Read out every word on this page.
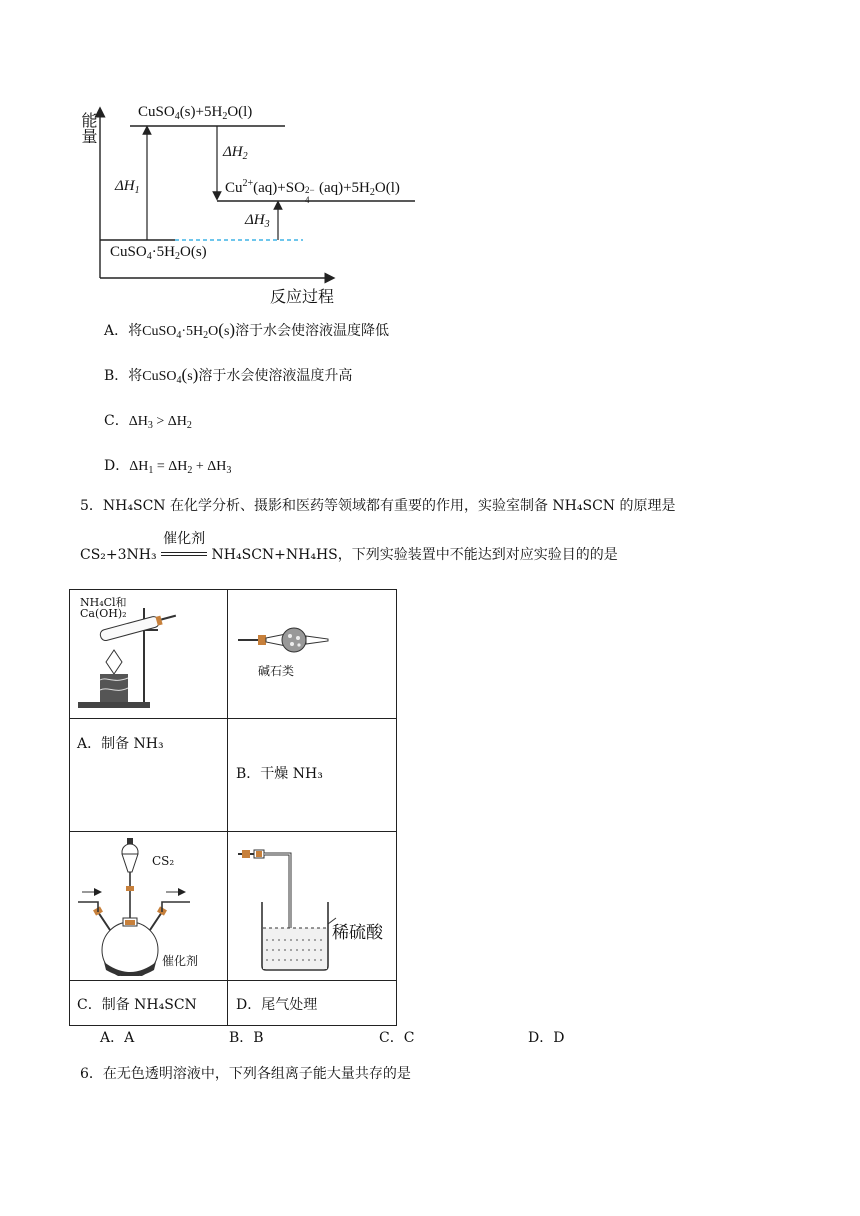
能量
反应过程
$CuSO_4(s)+5H_2O(l)$
$Cu^{2+}(aq)+SO$ 2−
4
$(aq)+5H_2O(l)$
$CuSO_4\cdot 5H_2O(s)$
$\Delta H_1$
$\Delta H_2$
$\Delta H_3$
A．将$CuSO_4\cdot 5H_2O(s)$溶于水会使溶液温度降低
B．将CuSO$_4$(s)溶于水会使溶液温度升高
C．$\Delta H_3 > \Delta H_2$
D．$\Delta H_1 = \Delta H_2 + \Delta H_3$
5．NH₄SCN 在化学分析、摄影和医药等领域都有重要的作用，实验室制备 NH₄SCN 的原理是
CS₂+3NH₃
催化剂
NH₄SCN+NH₄HS，下列实验装置中不能达到对应实验目的的是
NH₄Cl和
Ca(OH)₂	碱石类

A．制备 NH₃	B．干燥 NH₃

CS₂
催化剂	稀硫酸

C．制备 NH₄SCN	D．尾气处理
A．A	B．B	C．C	D．D
6．在无色透明溶液中，下列各组离子能大量共存的是
